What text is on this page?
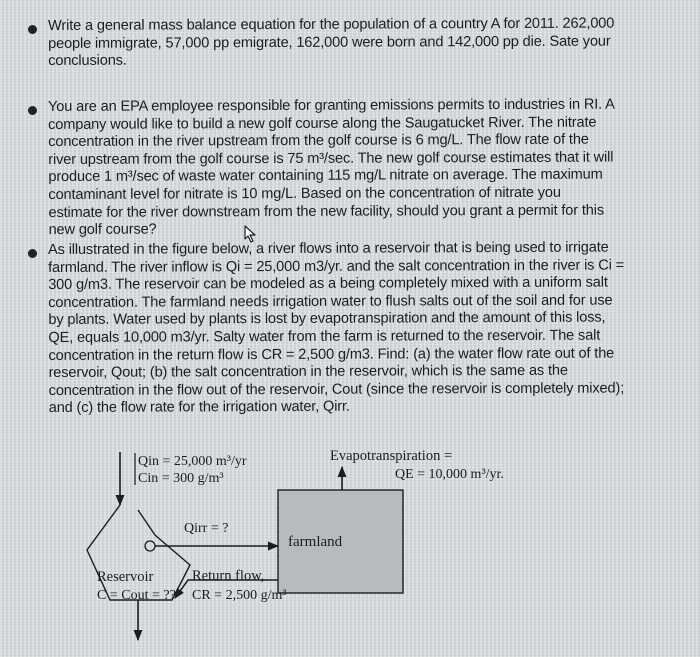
Write a general mass balance equation for the population of a country A for 2011. 262,000
people immigrate, 57,000 pp emigrate, 162,000 were born and 142,000 pp die. Sate your
conclusions.
You are an EPA employee responsible for granting emissions permits to industries in RI. A
company would like to build a new golf course along the Saugatucket River. The nitrate
concentration in the river upstream from the golf course is 6 mg/L. The flow rate of the
river upstream from the golf course is 75 m³/sec. The new golf course estimates that it will
produce 1 m³/sec of waste water containing 115 mg/L nitrate on average. The maximum
contaminant level for nitrate is 10 mg/L. Based on the concentration of nitrate you
estimate for the river downstream from the new facility, should you grant a permit for this
new golf course?
As illustrated in the figure below, a river flows into a reservoir that is being used to irrigate
farmland. The river inflow is Qi = 25,000 m3/yr. and the salt concentration in the river is Ci =
300 g/m3. The reservoir can be modeled as a being completely mixed with a uniform salt
concentration. The farmland needs irrigation water to flush salts out of the soil and for use
by plants. Water used by plants is lost by evapotranspiration and the amount of this loss,
QE, equals 10,000 m3/yr. Salty water from the farm is returned to the reservoir. The salt
concentration in the return flow is CR = 2,500 g/m3. Find: (a) the water flow rate out of the
reservoir, Qout; (b) the salt concentration in the reservoir, which is the same as the
concentration in the flow out of the reservoir, Cout (since the reservoir is completely mixed);
and (c) the flow rate for the irrigation water, Qirr.
farmland
Qin = 25,000 m³/yr
Cin = 300 g/m³
Evapotranspiration =
QE = 10,000 m³/yr.
Qirr = ?
Reservoir
C = Cout = ??
Return flow,
CR = 2,500 g/m³
